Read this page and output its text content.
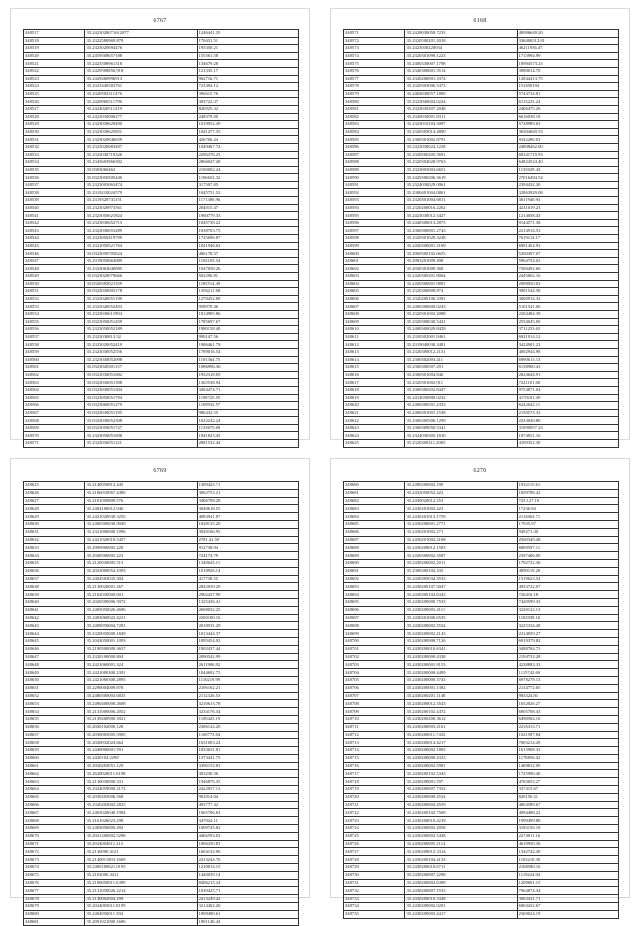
6767
348517	35.2423028071612877	1246441.35
348518	35.2322580969.879	170431.51
348519	35.2323020694476	195350.21
348520	35.2459508657188	155561.58
348521	35.2423508961318	134679.28
348522	35.2429508856.918	121335.17
348523	35.2429460996913	962716.71
348524	35.2323440583761	723394.12
348525	35.2320502311476	396615.76
348526	35.2420960511796	303722.37
348527	35.2424020511219	826925.32
348528	35.2423030006277	248379.00
348529	35.2323030629490	1019952.49
348530	35.2323030625851	1041277.35
348531	35.2323029846659	426706.24
348532	35.2323020083497	1049467.74
348533	35.2323030719326	2296376.25
348534	35.2345603966382	2866047.48
348535	35.0303060462	2100002.24
348536	35.0323050505440	1106652.32
348537	35.2323003063474	317507.85
348538	35.2319210024579	1045751.52
348539	35.2319320741151	1171306.96
348540	35.2323020973561	204015.47
348541	35.2323050621824	1960779.33
348542	35.2323030652713	1045738.22
348543	35.2323030653289	1038703.75
348544	35.2323050419799	1725696.87
348545	35.2321050521764	1041946.62
348546	35.0323050705624	406178.37
348547	35.2319050663089	1102103.54
348548	35.2323063640085	1047058.26
348549	35.0323020079666	502296.81
348550	35.0320305021359	1185514.49
348551	35.0323030005178	1356211.68
348552	35.2323020051198	1270452.88
348553	35.2323020052403	958978.46
348554	35.2323030611994	1814995.86
348555	35.0323050051459	1785697.67
348556	35.2323050052189	1980158.40
348557	35.2323030813.32	990147.56
348558	35.2323020052419	1986461.79
348559	35.2323030052556	1789016.54
348560	35.2323030052098	1101364.75
348561	35.0323020301157	1086996.36
348562	35.0323030051682	1952318.05
348563	35.0323030051398	1365538.94
348564	35.0323030051304	3404474.71
348565	35.0323050051794	1198725.55
348566	35.0323060051279	1109932.57
348567	35.0323030051195	986432.55
348568	35.0323030052308	1022242.24
348569	35.0323050051727	1133675.69
348570	35.2323050051698	1941823.45
348571	35.2323030051121	2881532.44
6168
348571	35.2428030058.7233	49086649.20
348572	35.2320500201.2018	336406512.81
348573	35.2423030220034	46211936.47
348574	35.2320301099.1223	1715994.99
348575	35.2400330007.1798	10984573.23
348576	35.2340300601.5514	3980014.70
348577	35.2320200001.3374	12844413.75
348578	35.2320303006.5473	151650194
348579	35.2402030057.1889	5744734.81
348580	35.2323040604.0224	6113223.24
348581	35.2323030207.2048	2466475.26
348582	35.2320030001.8311	6616038.18
348583	35.2323010104.3097	5728989.63
348584	35.2320303014.4890	36304669.53
348585	35.2300301002.8791	9342280.03
348586	35.2423030024.1228	24808462.00
348587	35.2320500205.5691	60341719.93
348588	35.2320304028.9763	64824524.40
348589	35.2323003003.6651	1135029.43
348590	35.2420300206.3619	27016494.54
348591	35.2324030029.0061	2394432.30
348592	35.2300401004.0861	32863929.08
348593	35.2320301004.6811	3011940.93
348594	35.2320200016.2262	4231019.23
348595	35.2423030012.3427	1214058.43
348596	35.2440300013.2875	9144571.38
348597	35.2300300001.2743	2214914.53
348598	35.2320301029.3248	7619114.17
348599	35.2430300001.2169	6981454.93
348600	35.2969300102.6655	5200497.07
348601	35.2983201009.498	5964754.02
348602	35.2030301009.368	7500492.60
348603	35.2420300201.8064	2445062.16
348604	35.2430300001.9891	2908050.03
348605	35.2320300008.874	3901544.58
348606	35.2320200106.3391	3000914.33
348607	35.2400300600.0243	5101541.00
348608	35.2320301002.2088	2204484.39
348609	35.2320300030.5431	2554045.00
348610	35.2400300029.8429	3711253.65
348611	35.2330302001.9461	6921014.12
348612	35.2319040030.3481	3424901.23
348613	35.2320300012.2131	4002944.98
348614	35.2300302003.411	6990615.13
348615	35.2300300507.291	6138900.43
348616	35.2300301004.846	2824644.91
348617	35.2320301002.911	7221101.00
348618	35.2300300202.8447	9754871.04
348619	35.2414050000.0232	4170101.49
348620	35.2400300501.2333	6242042.11
348621	35.2400301001.1538	2130573.33
348622	35.2300300306.1299	2233049.80
348623	35.2300300050.5341	31090957.23
348624	35.2324030305.1810	1074051.16
348625	35.2320300311.2065	4109352.30
6769
348625	35.2140050813.445	1309425.71
348626	35.2106010067.4490	3062753.21
348627	35.2101050809.576	3406708.28
348628	35.2404106012.946	3048618.55
348629	35.2421020030.3255	4083941.87
348630	35.2400500036.9049	1028135.20
348631	35.2321000600.1096	3920166.95
348632	35.2421020010.5457	2781.41.59
348633	35.2909900005.228	912738.94
348634	35.2020500005.223	724174.79
348635	35.2120030005.513	1340645.11
348636	35.2023000054.4393	1018926.14
348637	35.2404503035.304	417738.55
348638	35.2130020001.267	2842039.29
348639	35.2102050000.601	2902437.99
348640	35.2020500006.5972	1325436.41
348641	35.2405050026.4696	2608032.25
348642	35.2403060022.4221	2200100.16
348643	35.2409050004.7281	2018531.29
348644	35.2320050000.1849	1013444.37
348645	35.2043050001.1093	1895454.02
348646	35.2190500009.3657	1902437.44
348647	35.2320100000.804	2090542.99
348648	35.2421060001.324	2611906.92
348649	35.2421000300.2391	1044692.75
348650	35.2421060300.2895	1110219.99
348651	35.2290004009.878	2106162.21
348652	35.2480500003.6835	2112326.53
348653	35.2490400000.2608	3210613.78
348654	35.2131000006.2052	3234176.34
348655	35.2139200900.3921	1109425.19
348656	35.2020102000.128	2306124.20
348657	35.2030005005.5905	1169773.04
348658	35.2020032024.662	1631003.24
348659	35.2440006001.591	1833631.81
348660	35.2420104.2298	1373441.75
348661	35.2020203051.129	3396153.83
348662	35.2620020011.6198	303230.36
348663	35.2130030000.331	1946876.35
348664	35.2324059000.2172	2422057.12
348665	35.2030205006.568	901014.04
348666	35.2320202002.2825	493777.42
348667	35.2403020040.1984	1965706.63
348668	35.2161026023.298	347024.11
348669	35.2405050000.492	1009745.82
348670	35.2021200002.5298	4466593.03
348671	35.2024004011.213	1006250.83
348672	35.2130000.4121	1604132.96
348673	35.2140011003.1669	2413244.76
348674	35.2400100021.0195	1210014.15
348675	35.2102000.4411	1440039.14
348676	35.2100050011.6399	8406215.24
348677	35.2131050026.2214	1039425.71
348678	35.2130002004.298	2413249.42
348679	35.2024003011.8199	3214402.20
348680	35.2404050011.394	1909490.61
348681	35.2091021000.1686	1901140.44
6270
348680	35.2490200002.199	1932115.61
348681	35.2432050052.422	1059788.42
348682	35.2430020012.253	723.127.19
348683	35.2430201002.423	17236.84
348684	35.2430201013.1759	2114063.71
348685	35.2430200601.2771	17935.97
348686	35.2430201002.271	949271.30
348687	35.2430201002.2168	2560349.48
348688	35.2430200012.1583	6809597.11
348689	35.2430300002.3587	2397406.09
348690	35.2430206002.2011	1792722.36
348691	35.2300300102.335	4090119.26
348692	35.2430305034.3533	1519623.54
348693	35.2430200107.5047	4933722.07
348694	35.2430300102.6343	720416.18
348695	35.2430200000.7533	7420599.33
348696	35.2430200003.4111	3220122.13
348697	35.2430201000.6535	1102938.16
348698	35.2430200002.5532	3225334.48
348699	35.2430200002.2143	2214059.27
348700	35.2430200900.7126	6919379.82
348701	35.2430200010.6341	3488784.73
348702	35.2430200000.4338	2194733.28
348703	35.2430200001.9153	4238883.33
348704	35.2430200000.4499	1115742.60
348705	35.2430200000.3743	6978278.13
348706	35.2430200001.1382	2134772.05
348707	35.2430200201.1148	983324.81
348708	35.2430200012.3543	1652026.27
348709	35.2430200102.4472	6905708.43
348710	35.2430200200.3612	6498584.16
348711	35.2430200003.2161	2216313.71
348712	35.2430200011.7433	1021587.84
348713	35.2430200014.4217	7003214.49
348714	35.2430200002.1883	1615968.33
348715	35.2430200000.4323	1178856.02
348716	35.2430200002.5981	1469812.09
348717	35.2430200102.5343	1725990.40
348718	35.2430200001.597	4763653.27
348719	35.2430200007.7352	337415.67
348720	35.2430200000.4534	820150.21
348721	35.2430200004.4559	4864589.67
348722	35.2430200102.7569	4994488.22
348723	35.2430200010.4219	1999499.88
348724	35.2430200002.2058	3183156.18
348725	35.2430200002.5438	2274011.16
348726	35.2430200005.2114	4619950.36
348727	35.2430200012.3314	1342742.40
348728	35.2430200104.4133	1103210.30
348729	35.2430200010.6711	2168580.16
348730	35.2430200007.2298	1119424.94
348731	35.2430200002.6399	1209601.15
348732	35.2430200007.1533	7964874.34
348733	35.2430200010.3348	3063431.71
348734	35.2430200002.0201	6963432.67
348735	35.2430200003.4417	2369024.19
